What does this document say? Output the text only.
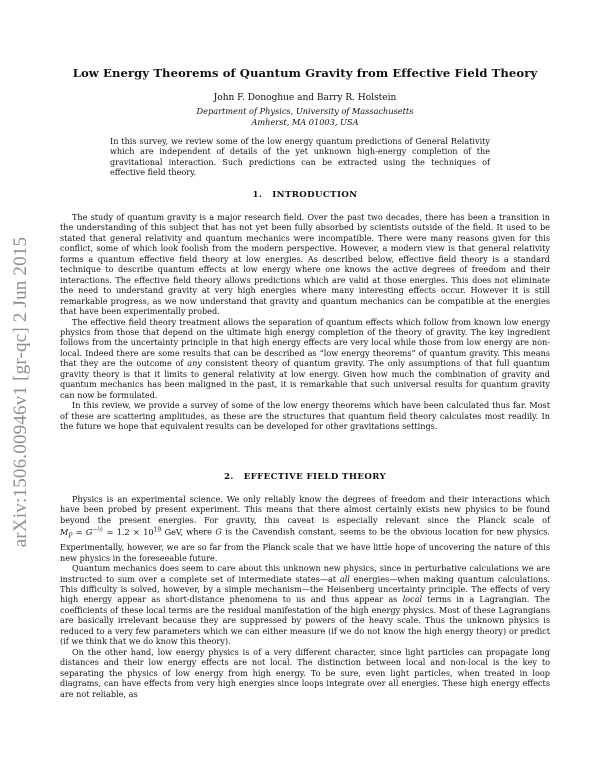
arXiv:1506.00946v1 [gr-qc] 2 Jun 2015
Low Energy Theorems of Quantum Gravity from Effective Field Theory
John F. Donoghue and Barry R. Holstein
Department of Physics, University of Massachusetts
Amherst, MA 01003, USA
In this survey, we review some of the low energy quantum predictions of General Relativity which are independent of details of the yet unknown high-energy completion of the gravitational interaction. Such predictions can be extracted using the techniques of effective field theory.
1. INTRODUCTION

The study of quantum gravity is a major research field. Over the past two decades, there has been a transition in the understanding of this subject that has not yet been fully absorbed by scientists outside of the field. It used to be stated that general relativity and quantum mechanics were incompatible. There were many reasons given for this conflict, some of which look foolish from the modern perspective. However, a modern view is that general relativity forms a quantum effective field theory at low energies. As described below, effective field theory is a standard technique to describe quantum effects at low energy where one knows the active degrees of freedom and their interactions. The effective field theory allows predictions which are valid at those energies. This does not eliminate the need to understand gravity at very high energies where many interesting effects occur. However it is still remarkable progress, as we now understand that gravity and quantum mechanics can be compatible at the energies that have been experimentally probed.

The effective field theory treatment allows the separation of quantum effects which follow from known low energy physics from those that depend on the ultimate high energy completion of the theory of gravity. The key ingredient follows from the uncertainty principle in that high energy effects are very local while those from low energy are non-local. Indeed there are some results that can be described as “low energy theorems” of quantum gravity. This means that they are the outcome of any consistent theory of quantum gravity. The only assumptions of that full quantum gravity theory is that it limits to general relativity at low energy. Given how much the combination of gravity and quantum mechanics has been maligned in the past, it is remarkable that such universal results for quantum gravity can now be formulated.

In this review, we provide a survey of some of the low energy theorems which have been calculated thus far. Most of these are scattering amplitudes, as these are the structures that quantum field theory calculates most readily. In the future we hope that equivalent results can be developed for other gravitations settings.

2. EFFECTIVE FIELD THEORY

Physics is an experimental science. We only reliably know the degrees of freedom and their interactions which have been probed by present experiment. This means that there almost certainly exists new physics to be found beyond the present energies. For gravity, this caveat is especially relevant since the Planck scale of $M_P = G^{-\frac{1}{2}} = 1.2 \times 10^{19}$ GeV, where G is the Cavendish constant, seems to be the obvious location for new physics. Experimentally, however, we are so far from the Planck scale that we have little hope of uncovering the nature of this new physics in the foreseeable future.

Quantum mechanics does seem to care about this unknown new physics, since in perturbative calculations we are instructed to sum over a complete set of intermediate states—at all energies—when making quantum calculations. This difficulty is solved, however, by a simple mechanism—the Heisenberg uncertainty principle. The effects of very high energy appear as short-distance phenomena to us and thus appear as local terms in a Lagrangian. The coefficients of these local terms are the residual manifestation of the high energy physics. Most of these Lagrangians are basically irrelevant because they are suppressed by powers of the heavy scale. Thus the unknown physics is reduced to a very few parameters which we can either measure (if we do not know the high energy theory) or predict (if we think that we do know this theory).

On the other hand, low energy physics is of a very different character, since light particles can propagate long distances and their low energy effects are not local. The distinction between local and non-local is the key to separating the physics of low energy from high energy. To be sure, even light particles, when treated in loop diagrams, can have effects from very high energies since loops integrate over all energies. These high energy effects are not reliable, as
